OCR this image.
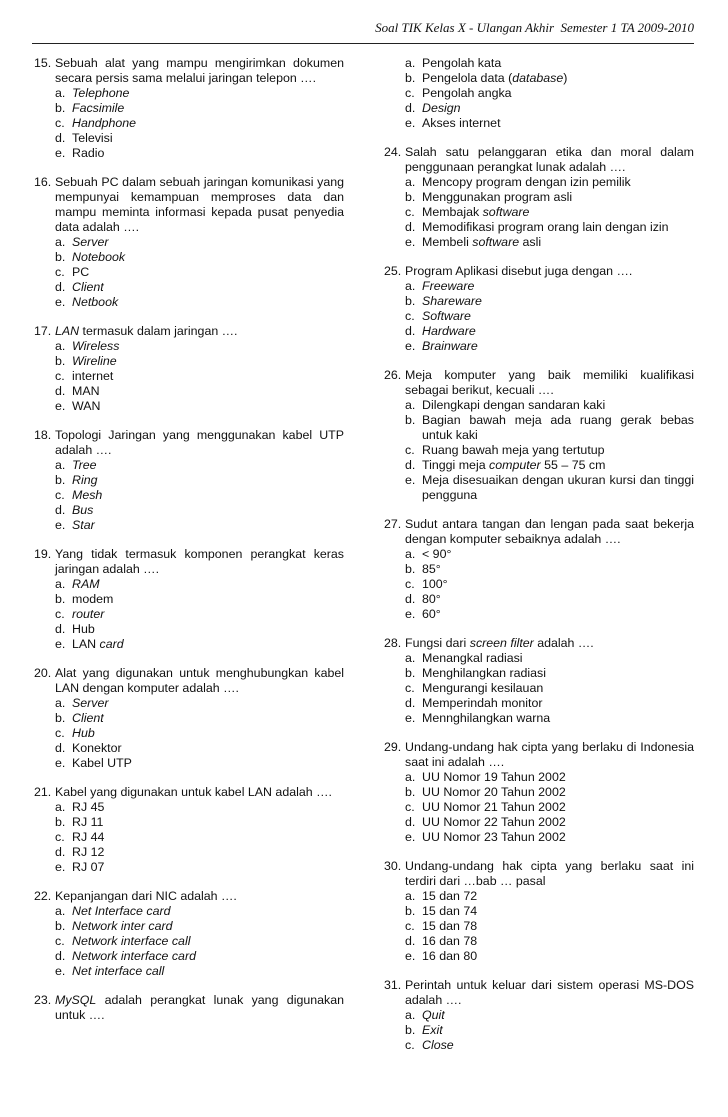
Soal TIK Kelas X - Ulangan Akhir  Semester 1 TA 2009-2010
15. Sebuah alat yang mampu mengirimkan dokumen secara persis sama melalui jaringan telepon ….
a. Telephone
b. Facsimile
c. Handphone
d. Televisi
e. Radio
16. Sebuah PC dalam sebuah jaringan komunikasi yang mempunyai kemampuan memproses data dan mampu meminta informasi kepada pusat penyedia data adalah ….
a. Server
b. Notebook
c. PC
d. Client
e. Netbook
17. LAN termasuk dalam jaringan ….
a. Wireless
b. Wireline
c. internet
d. MAN
e. WAN
18. Topologi Jaringan yang menggunakan kabel UTP adalah ….
a. Tree
b. Ring
c. Mesh
d. Bus
e. Star
19. Yang tidak termasuk komponen perangkat keras jaringan adalah ….
a. RAM
b. modem
c. router
d. Hub
e. LAN card
20. Alat yang digunakan untuk menghubungkan kabel LAN dengan komputer adalah ….
a. Server
b. Client
c. Hub
d. Konektor
e. Kabel UTP
21. Kabel yang digunakan untuk kabel LAN adalah ….
a. RJ 45
b. RJ 11
c. RJ 44
d. RJ 12
e. RJ 07
22. Kepanjangan dari NIC adalah ….
a. Net Interface card
b. Network inter card
c. Network interface call
d. Network interface card
e. Net interface call
23. MySQL adalah perangkat lunak yang digunakan untuk ….
a. Pengolah kata
b. Pengelola data (database)
c. Pengolah angka
d. Design
e. Akses internet
24. Salah satu pelanggaran etika dan moral dalam penggunaan perangkat lunak adalah ….
a. Mencopy program dengan izin pemilik
b. Menggunakan program asli
c. Membajak software
d. Memodifikasi program orang lain dengan izin
e. Membeli software asli
25. Program Aplikasi disebut juga dengan ….
a. Freeware
b. Shareware
c. Software
d. Hardware
e. Brainware
26. Meja komputer yang baik memiliki kualifikasi sebagai berikut, kecuali ….
a. Dilengkapi dengan sandaran kaki
b. Bagian bawah meja ada ruang gerak bebas untuk kaki
c. Ruang bawah meja yang tertutup
d. Tinggi meja computer 55 – 75 cm
e. Meja disesuaikan dengan ukuran kursi dan tinggi pengguna
27. Sudut antara tangan dan lengan pada saat bekerja dengan komputer sebaiknya adalah ….
a. < 90°
b. 85°
c. 100°
d. 80°
e. 60°
28. Fungsi dari screen filter adalah ….
a. Menangkal radiasi
b. Menghilangkan radiasi
c. Mengurangi kesilauan
d. Memperindah monitor
e. Mennghilangkan warna
29. Undang-undang hak cipta yang berlaku di Indonesia saat ini adalah ….
a. UU Nomor 19 Tahun 2002
b. UU Nomor 20 Tahun 2002
c. UU Nomor 21 Tahun 2002
d. UU Nomor 22 Tahun 2002
e. UU Nomor 23 Tahun 2002
30. Undang-undang hak cipta yang berlaku saat ini terdiri dari …bab … pasal
a. 15 dan 72
b. 15 dan 74
c. 15 dan 78
d. 16 dan 78
e. 16 dan 80
31. Perintah untuk keluar dari sistem operasi MS-DOS adalah ….
a. Quit
b. Exit
c. Close
